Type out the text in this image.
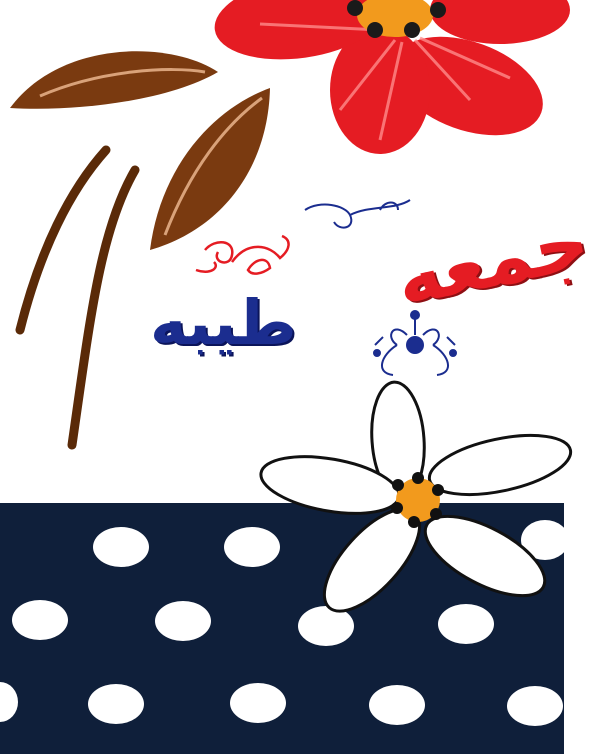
جمعه
طيبه
